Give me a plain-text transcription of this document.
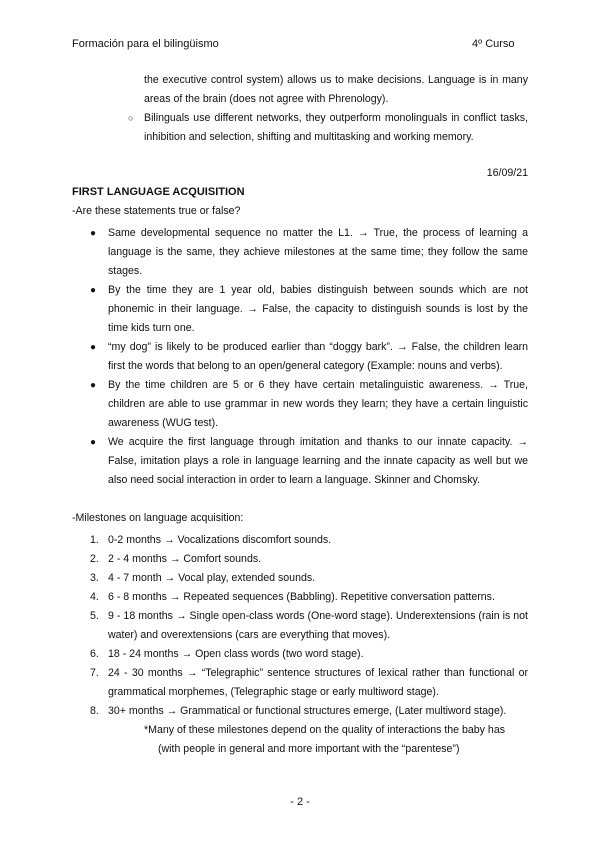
Formación para el bilingüismo	4º Curso
the executive control system) allows us to make decisions. Language is in many areas of the brain (does not agree with Phrenology).
○ Bilinguals use different networks, they outperform monolinguals in conflict tasks, inhibition and selection, shifting and multitasking and working memory.
16/09/21
FIRST LANGUAGE ACQUISITION
-Are these statements true or false?
● Same developmental sequence no matter the L1. → True, the process of learning a language is the same, they achieve milestones at the same time; they follow the same stages.
● By the time they are 1 year old, babies distinguish between sounds which are not phonemic in their language. → False, the capacity to distinguish sounds is lost by the time kids turn one.
● “my dog” is likely to be produced earlier than “doggy bark”. → False, the children learn first the words that belong to an open/general category (Example: nouns and verbs).
● By the time children are 5 or 6 they have certain metalinguistic awareness. → True, children are able to use grammar in new words they learn; they have a certain linguistic awareness (WUG test).
● We acquire the first language through imitation and thanks to our innate capacity. → False, imitation plays a role in language learning and the innate capacity as well but we also need social interaction in order to learn a language. Skinner and Chomsky.
-Milestones on language acquisition:
1. 0-2 months → Vocalizations discomfort sounds.
2. 2 - 4 months → Comfort sounds.
3. 4 - 7 month → Vocal play, extended sounds.
4. 6 - 8 months → Repeated sequences (Babbling). Repetitive conversation patterns.
5. 9 - 18 months → Single open-class words (One-word stage). Underextensions (rain is not water) and overextensions (cars are everything that moves).
6. 18 - 24 months → Open class words (two word stage).
7. 24 - 30 months → “Telegraphic” sentence structures of lexical rather than functional or grammatical morphemes, (Telegraphic stage or early multiword stage).
8. 30+ months → Grammatical or functional structures emerge, (Later multiword stage).
*Many of these milestones depend on the quality of interactions the baby has
(with people in general and more important with the “parentese”)
- 2 -
